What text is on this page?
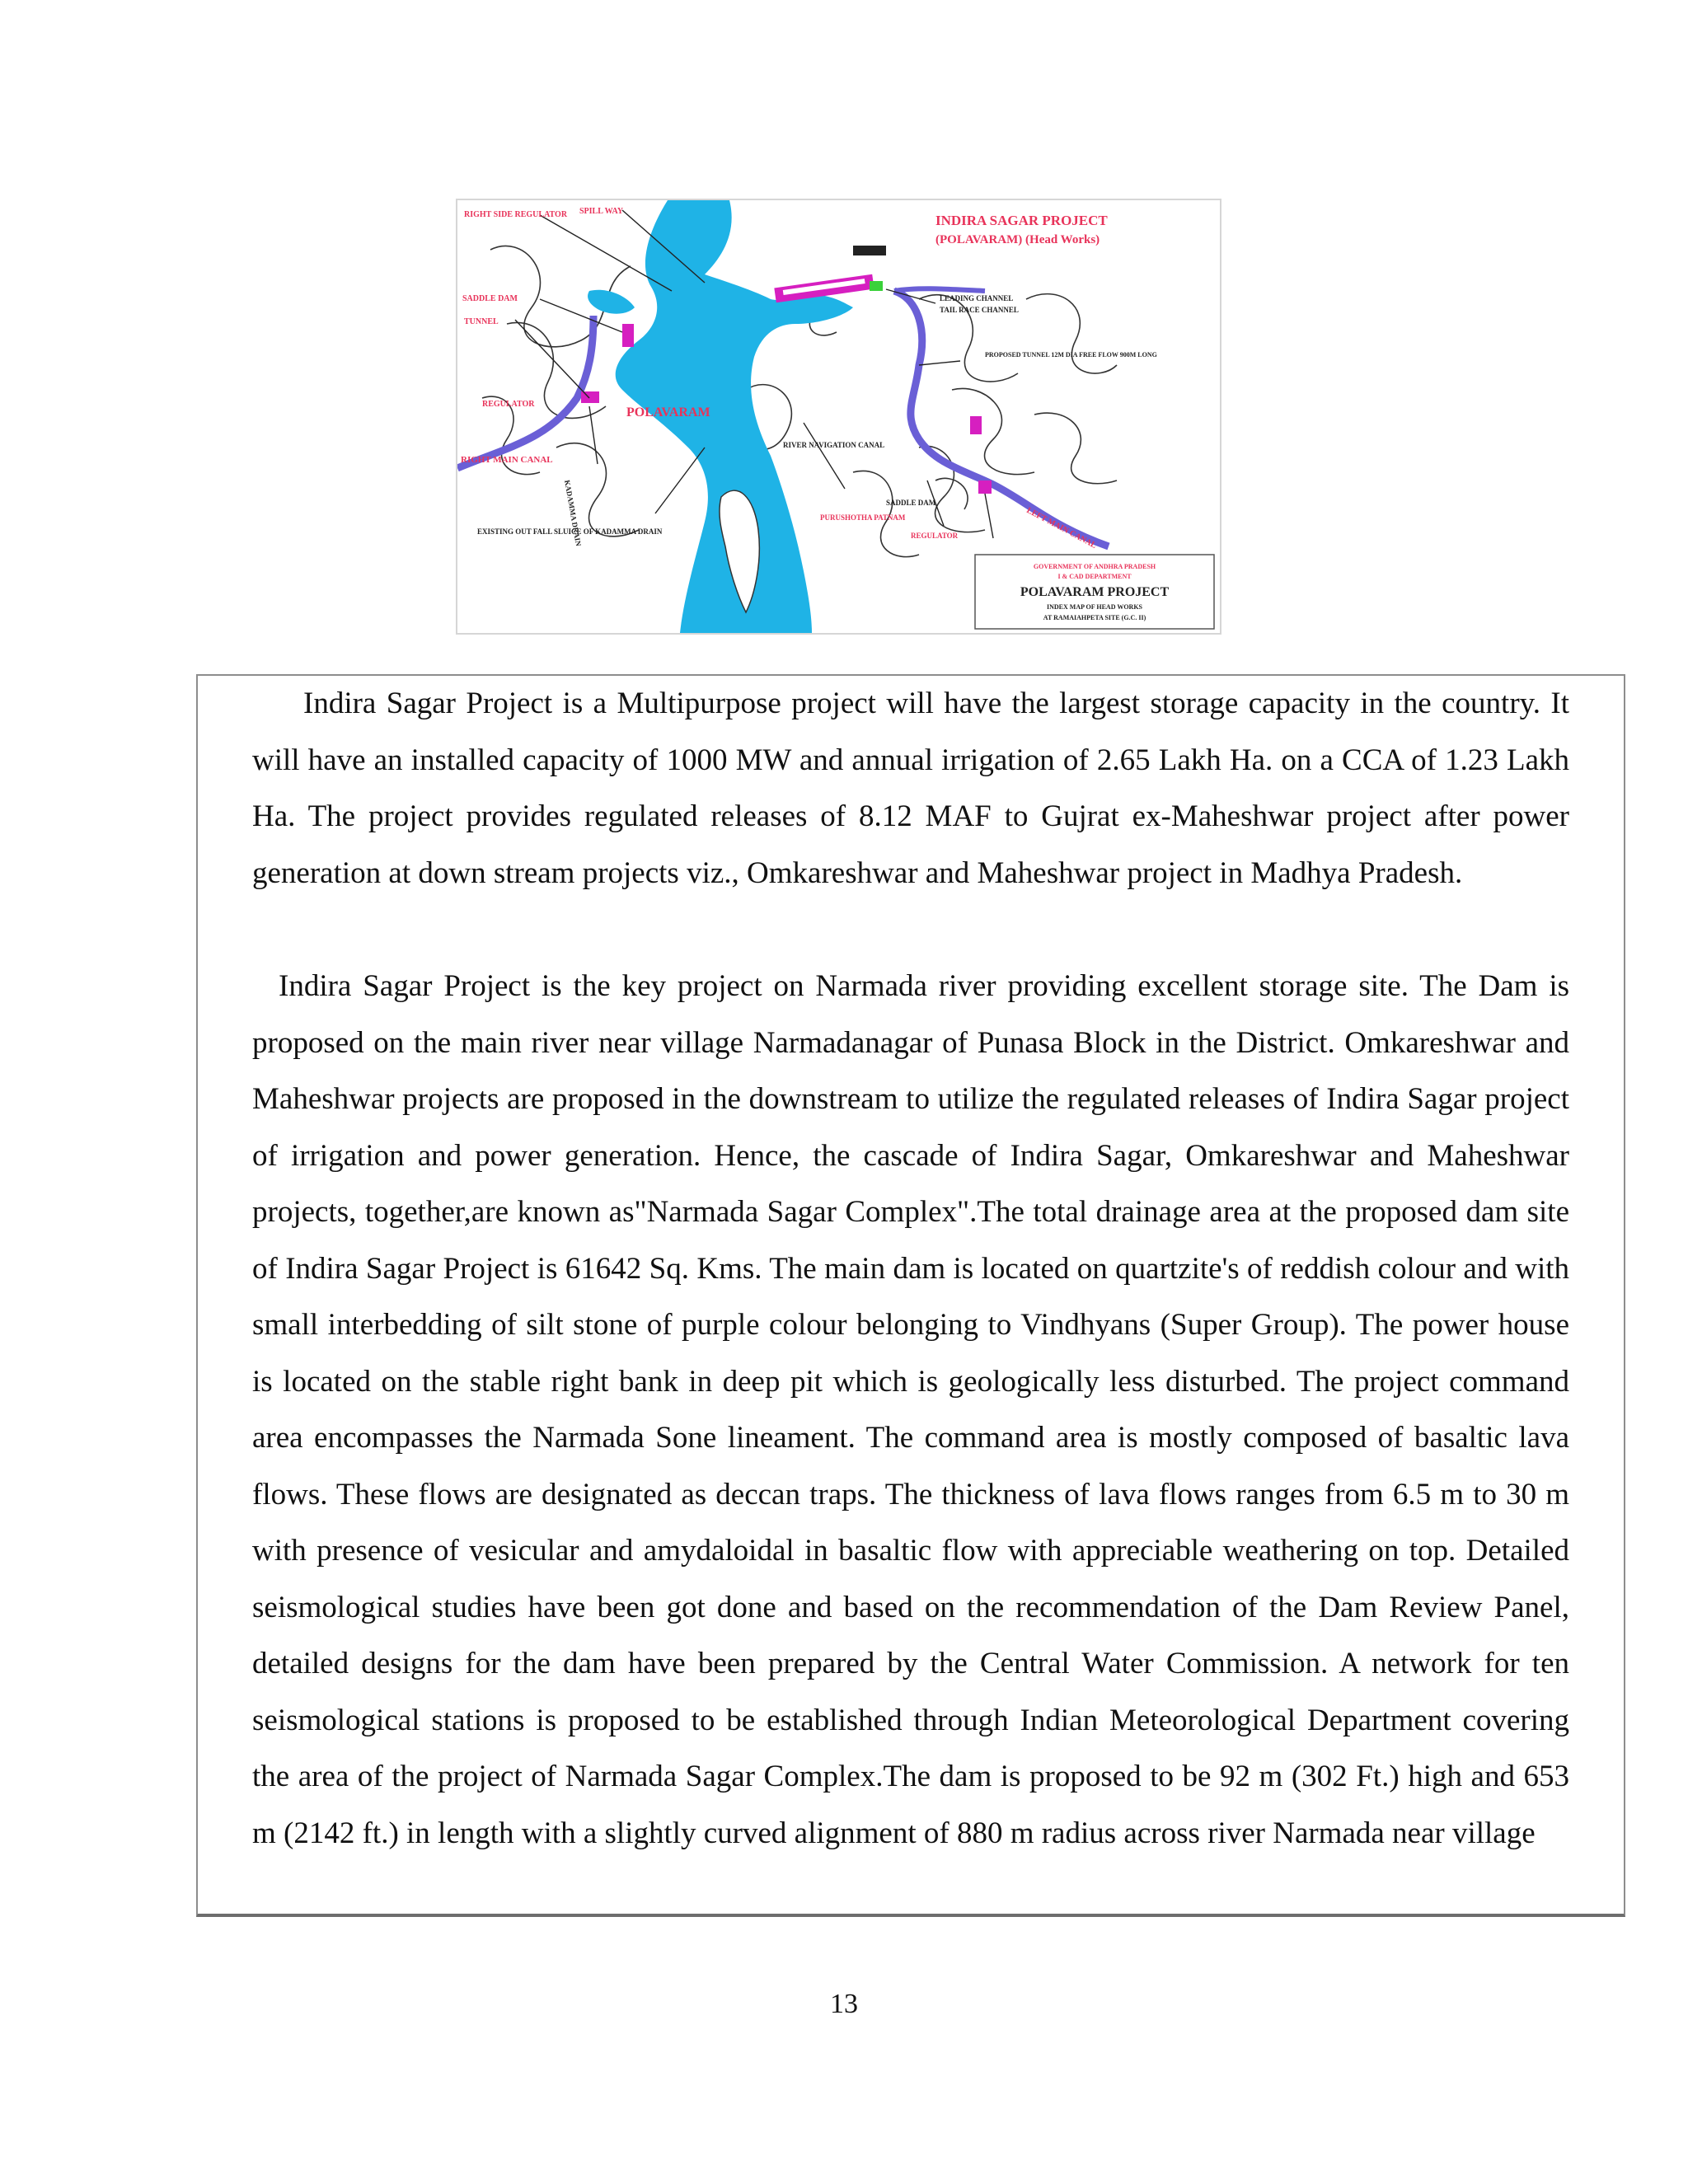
RIGHT SIDE REGULATOR SPILL WAY
SADDLE DAM
TUNNEL
REGULATOR
POLAVARAM
RIGHT MAIN CANAL
KADAMMA DRAIN
EXISTING OUT FALL SLUICE OF KADAMMA DRAIN
PURUSHOTHA PATNAM
REGULATOR	LEFT MAIN CANAL
LEADING CHANNEL
TAIL RACE CHANNEL
PROPOSED TUNNEL 12M DIA FREE FLOW 900M LONG
RIVER NAVIGATION CANAL
SADDLE DAM
INDIRA SAGAR PROJECT
(POLAVARAM) (Head Works)
GOVERNMENT OF ANDHRA PRADESH
I & CAD DEPARTMENT
POLAVARAM PROJECT
INDEX MAP OF HEAD WORKS
AT RAMAIAHPETA SITE (G.C. II)

Indira Sagar Project is a Multipurpose project will have the largest storage capacity in the country. It will have an installed capacity of 1000 MW and annual irrigation of 2.65 Lakh Ha. on a CCA of 1.23 Lakh Ha. The project provides regulated releases of 8.12 MAF to Gujrat ex-Maheshwar project after power generation at down stream projects viz., Omkareshwar and Maheshwar project in Madhya Pradesh.

Indira Sagar Project is the key project on Narmada river providing excellent storage site. The Dam is proposed on the main river near village Narmadanagar of Punasa Block in the District. Omkareshwar and Maheshwar projects are proposed in the downstream to utilize the regulated releases of Indira Sagar project of irrigation and power generation. Hence, the cascade of Indira Sagar, Omkareshwar and Maheshwar projects, together,are known as"Narmada Sagar Complex".The total drainage area at the proposed dam site of Indira Sagar Project is 61642 Sq. Kms. The main dam is located on quartzite's of reddish colour and with small interbedding of silt stone of purple colour belonging to Vindhyans (Super Group). The power house is located on the stable right bank in deep pit which is geologically less disturbed. The project command area encompasses the Narmada Sone lineament. The command area is mostly composed of basaltic lava flows. These flows are designated as deccan traps. The thickness of lava flows ranges from 6.5 m to 30 m with presence of vesicular and amydaloidal in basaltic flow with appreciable weathering on top. Detailed seismological studies have been got done and based on the recommendation of the Dam Review Panel, detailed designs for the dam have been prepared by the Central Water Commission. A network for ten seismological stations is proposed to be established through Indian Meteorological Department covering the area of the project of Narmada Sagar Complex.The dam is proposed to be 92 m (302 Ft.) high and 653 m (2142 ft.) in length with a slightly curved alignment of 880 m radius across river Narmada near village

13
